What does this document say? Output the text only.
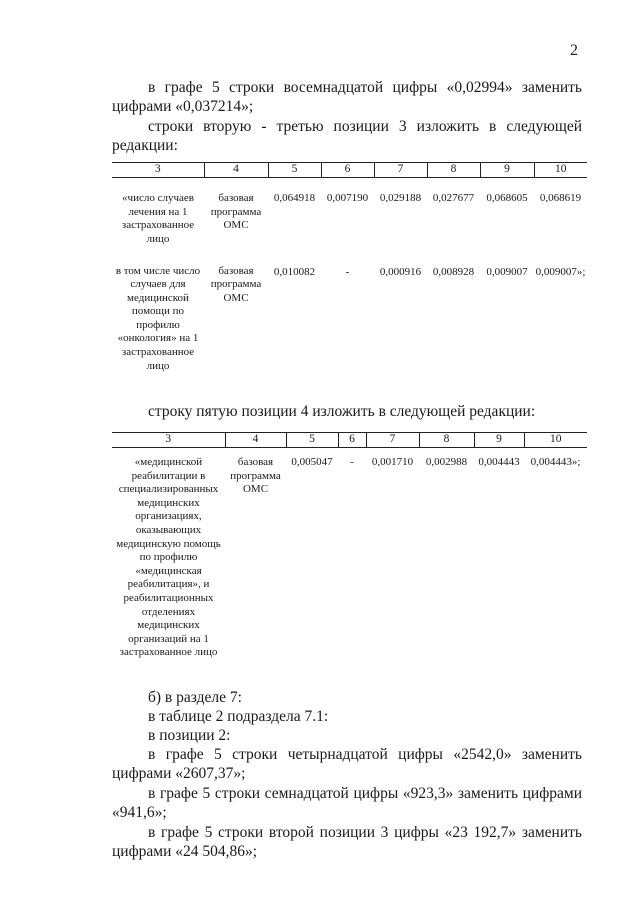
2

в графе 5 строки восемнадцатой цифры «0,02994» заменить цифрами «0,037214»;

строки вторую - третью позиции 3 изложить в следующей редакции:

3	4	5	6	7	8	9	10
«число случаев лечения на 1 застрахованное лицо	базовая программа ОМС	0,064918	0,007190	0,029188	0,027677	0,068605	0,068619
в том числе число случаев для медицинской помощи по профилю «онкология» на 1 застрахованное лицо	базовая программа ОМС	0,010082	-	0,000916	0,008928	0,009007	0,009007»;

строку пятую позиции 4 изложить в следующей редакции:

3	4	5	6	7	8	9	10
«медицинской реабилитации в специализированных медицинских организациях, оказывающих медицинскую помощь по профилю «медицинская реабилитация», и реабилитационных отделениях медицинских организаций на 1 застрахованное лицо	базовая программа ОМС	0,005047	-	0,001710	0,002988	0,004443	0,004443»;

б) в разделе 7:

в таблице 2 подраздела 7.1:

в позиции 2:

в графе 5 строки четырнадцатой цифры «2542,0» заменить цифрами «2607,37»;

в графе 5 строки семнадцатой цифры «923,3» заменить цифрами «941,6»;

в графе 5 строки второй позиции 3 цифры «23 192,7» заменить цифрами «24 504,86»;
